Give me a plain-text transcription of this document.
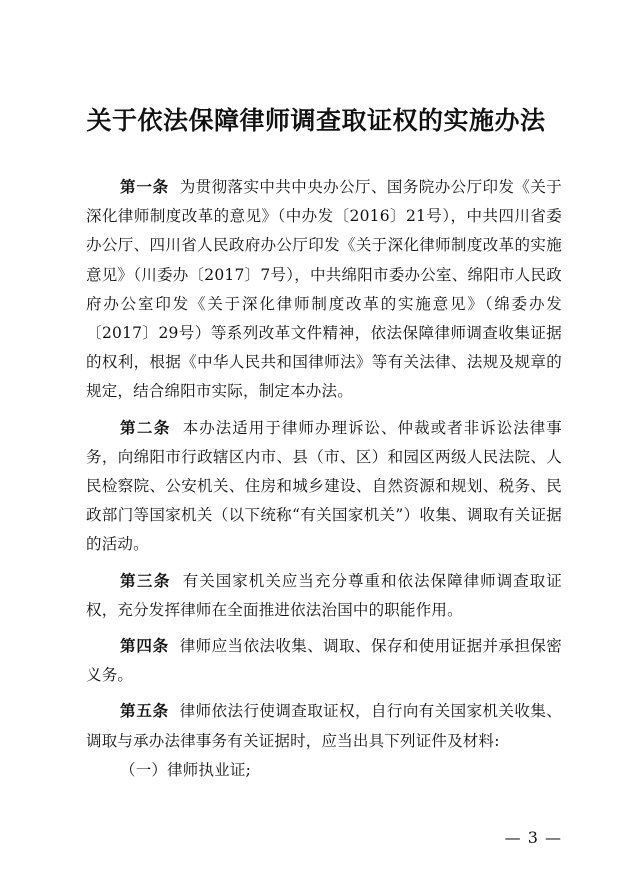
关于依法保障律师调查取证权的实施办法

第一条 为贯彻落实中共中央办公厅、国务院办公厅印发《关于深化律师制度改革的意见》（中办发〔2016〕21号），中共四川省委办公厅、四川省人民政府办公厅印发《关于深化律师制度改革的实施意见》（川委办〔2017〕7号），中共绵阳市委办公室、绵阳市人民政府办公室印发《关于深化律师制度改革的实施意见》（绵委办发〔2017〕29号）等系列改革文件精神，依法保障律师调查收集证据的权利，根据《中华人民共和国律师法》等有关法律、法规及规章的规定，结合绵阳市实际，制定本办法。

第二条 本办法适用于律师办理诉讼、仲裁或者非诉讼法律事务，向绵阳市行政辖区内市、县（市、区）和园区两级人民法院、人民检察院、公安机关、住房和城乡建设、自然资源和规划、税务、民政部门等国家机关（以下统称“有关国家机关”）收集、调取有关证据的活动。

第三条 有关国家机关应当充分尊重和依法保障律师调查取证权，充分发挥律师在全面推进依法治国中的职能作用。

第四条 律师应当依法收集、调取、保存和使用证据并承担保密义务。

第五条 律师依法行使调查取证权，自行向有关国家机关收集、调取与承办法律事务有关证据时，应当出具下列证件及材料:

（一）律师执业证;

— 3 —
